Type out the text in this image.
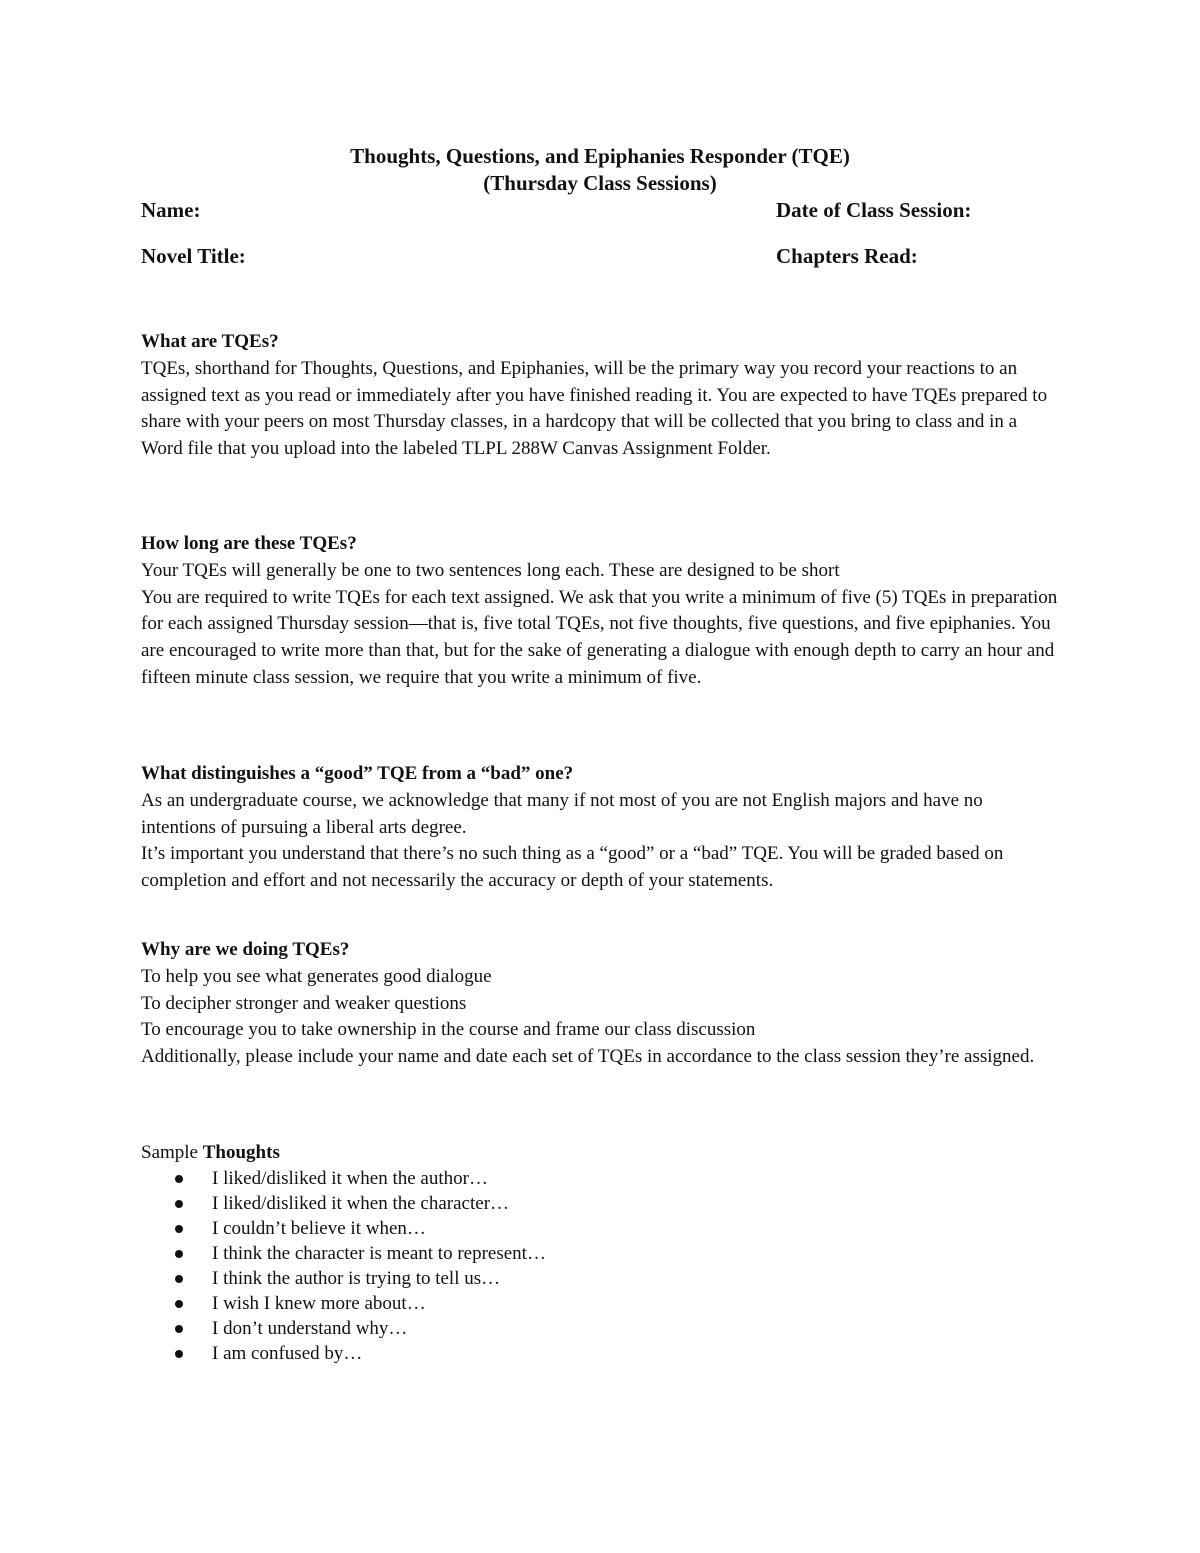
Thoughts, Questions, and Epiphanies Responder (TQE)
(Thursday Class Sessions)
Name:	Date of Class Session:
Novel Title:	Chapters Read:
What are TQEs?

TQEs, shorthand for Thoughts, Questions, and Epiphanies, will be the primary way you record your reactions to an assigned text as you read or immediately after you have finished reading it. You are expected to have TQEs prepared to share with your peers on most Thursday classes, in a hardcopy that will be collected that you bring to class and in a Word file that you upload into the labeled TLPL 288W Canvas Assignment Folder.

How long are these TQEs?

Your TQEs will generally be one to two sentences long each. These are designed to be short

You are required to write TQEs for each text assigned. We ask that you write a minimum of five (5) TQEs in preparation for each assigned Thursday session—that is, five total TQEs, not five thoughts, five questions, and five epiphanies. You are encouraged to write more than that, but for the sake of generating a dialogue with enough depth to carry an hour and fifteen minute class session, we require that you write a minimum of five.

What distinguishes a “good” TQE from a “bad” one?

As an undergraduate course, we acknowledge that many if not most of you are not English majors and have no intentions of pursuing a liberal arts degree.

It’s important you understand that there’s no such thing as a “good” or a “bad” TQE. You will be graded based on completion and effort and not necessarily the accuracy or depth of your statements.

Why are we doing TQEs?

To help you see what generates good dialogue

To decipher stronger and weaker questions

To encourage you to take ownership in the course and frame our class discussion

Additionally, please include your name and date each set of TQEs in accordance to the class session they’re assigned.

Sample Thoughts

I liked/disliked it when the author…
I liked/disliked it when the character…
I couldn’t believe it when…
I think the character is meant to represent…
I think the author is trying to tell us…
I wish I knew more about…
I don’t understand why…
I am confused by…
